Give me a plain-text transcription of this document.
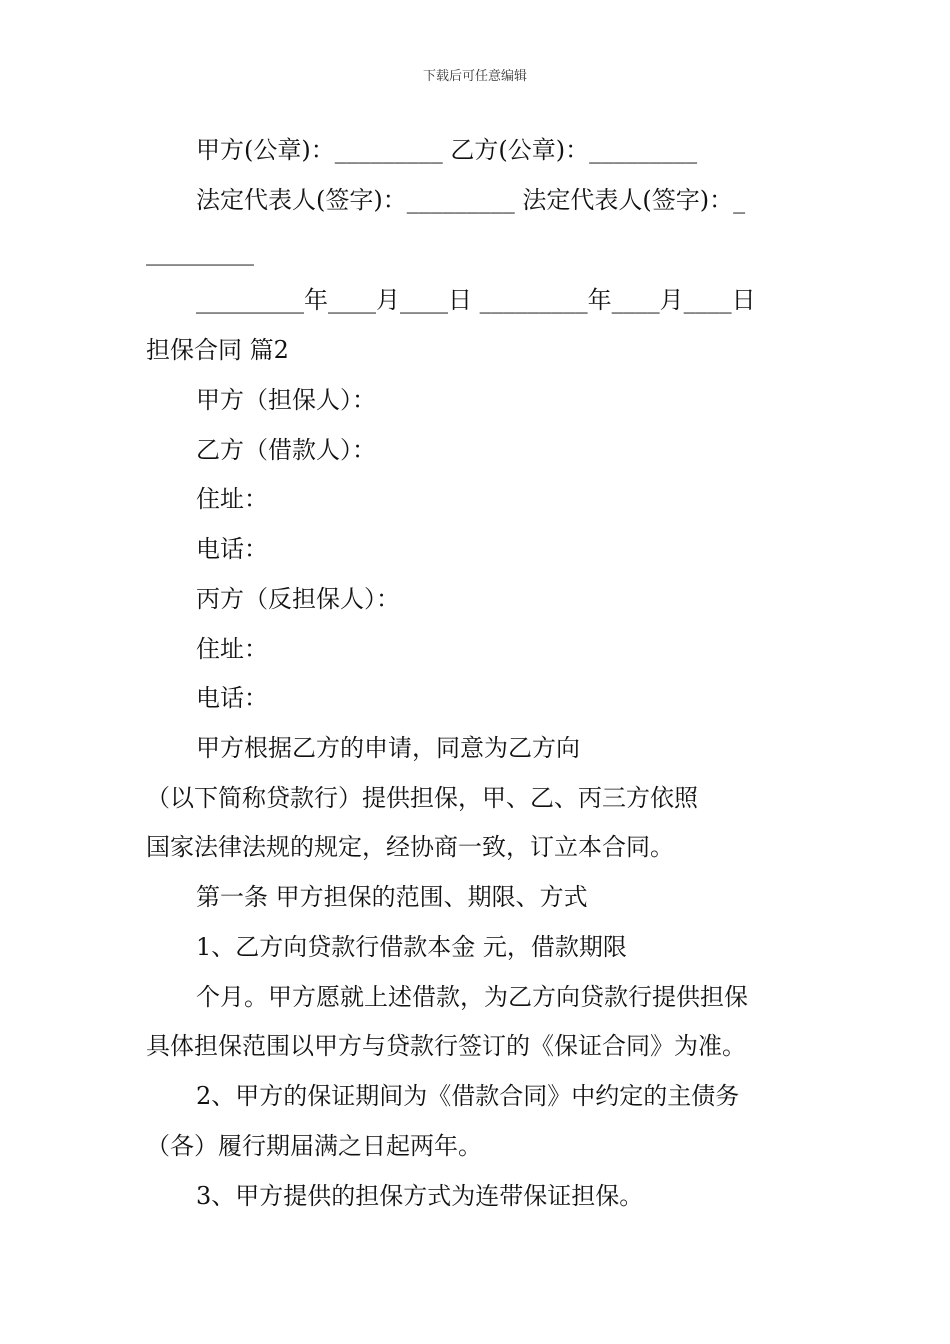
下载后可任意编辑
甲方(公章)：_________ 乙方(公章)：_________
法定代表人(签字)：_________ 法定代表人(签字)：_
_________
_________年____月____日 _________年____月____日
担保合同 篇2
甲方（担保人）：
乙方（借款人）：
住址：
电话：
丙方（反担保人）：
住址：
电话：
甲方根据乙方的申请，同意为乙方向
（以下简称贷款行）提供担保，甲、乙、丙三方依照
国家法律法规的规定，经协商一致，订立本合同。
第一条 甲方担保的范围、期限、方式
1、乙方向贷款行借款本金 元，借款期限
个月。甲方愿就上述借款，为乙方向贷款行提供担保
具体担保范围以甲方与贷款行签订的《保证合同》为准。
2、甲方的保证期间为《借款合同》中约定的主债务
（各）履行期届满之日起两年。
3、甲方提供的担保方式为连带保证担保。
